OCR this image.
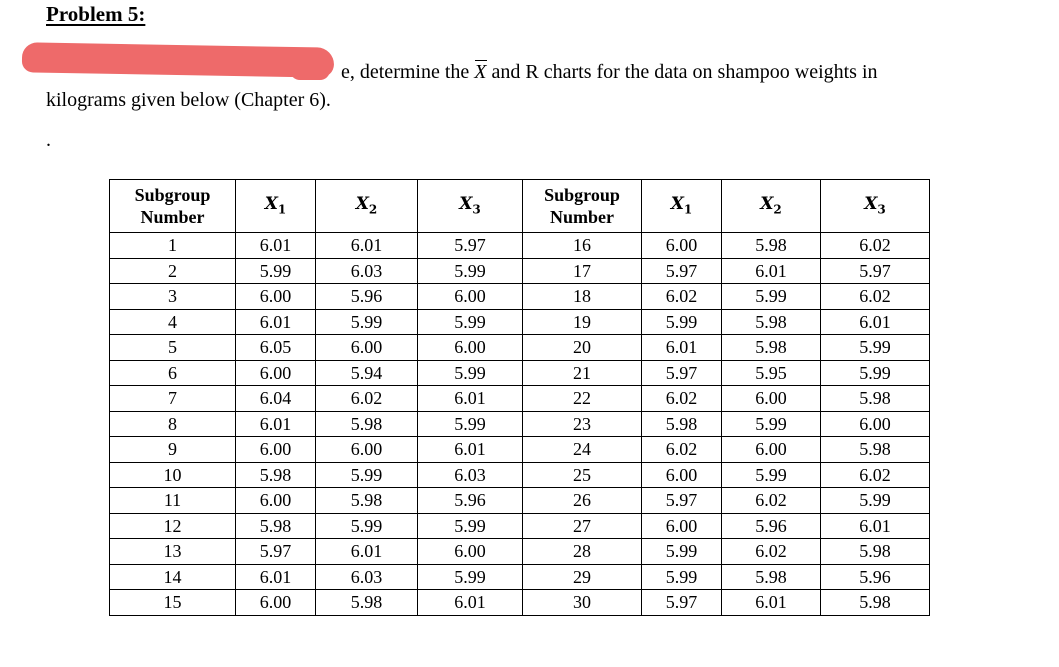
Problem 5:
e, determine the X and R charts for the data on shampoo weights in
kilograms given below (Chapter 6).
.
Subgroup Number	$X_1$	$X_2$	$X_3$	Subgroup Number	$X_1$	$X_2$	$X_3$
1	6.01	6.01	5.97	16	6.00	5.98	6.02
2	5.99	6.03	5.99	17	5.97	6.01	5.97
3	6.00	5.96	6.00	18	6.02	5.99	6.02
4	6.01	5.99	5.99	19	5.99	5.98	6.01
5	6.05	6.00	6.00	20	6.01	5.98	5.99
6	6.00	5.94	5.99	21	5.97	5.95	5.99
7	6.04	6.02	6.01	22	6.02	6.00	5.98
8	6.01	5.98	5.99	23	5.98	5.99	6.00
9	6.00	6.00	6.01	24	6.02	6.00	5.98
10	5.98	5.99	6.03	25	6.00	5.99	6.02
11	6.00	5.98	5.96	26	5.97	6.02	5.99
12	5.98	5.99	5.99	27	6.00	5.96	6.01
13	5.97	6.01	6.00	28	5.99	6.02	5.98
14	6.01	6.03	5.99	29	5.99	5.98	5.96
15	6.00	5.98	6.01	30	5.97	6.01	5.98
